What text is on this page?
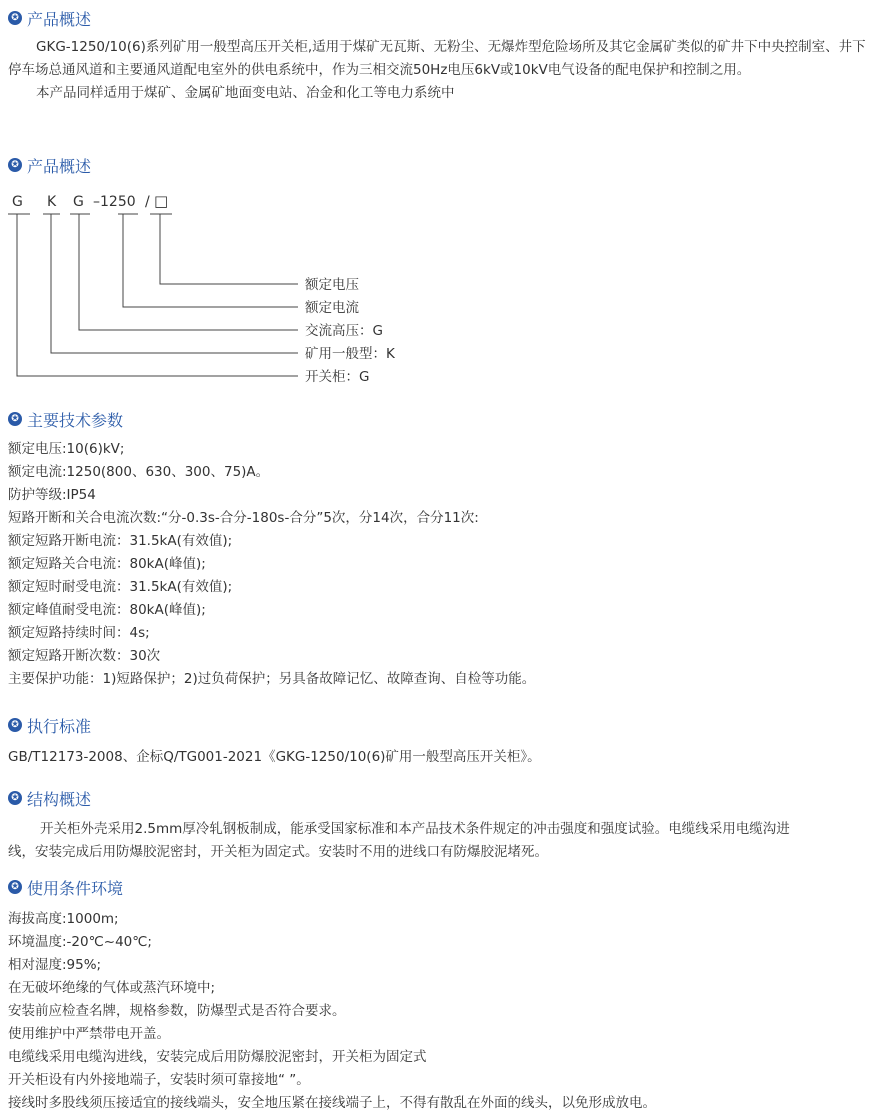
✪ 产品概述
GKG-1250/10(6)系列矿用一般型高压开关柜,适用于煤矿无瓦斯、无粉尘、无爆炸型危险场所及其它金属矿类似的矿井下中央控制室、井下
停车场总通风道和主要通风道配电室外的供电系统中，作为三相交流50Hz电压6kV或10kV电气设备的配电保护和控制之用。
本产品同样适用于煤矿、金属矿地面变电站、冶金和化工等电力系统中
✪ 产品概述
G K G –1250 / □
额定电压
额定电流
交流高压：G
矿用一般型：K
开关柜：G
✪ 主要技术参数
额定电压:10(6)kV;
额定电流:1250(800、630、300、75)A。
防护等级:IP54
短路开断和关合电流次数:“分-0.3s-合分-180s-合分”5次，分14次，合分11次:
额定短路开断电流：31.5kA(有效值);
额定短路关合电流：80kA(峰值);
额定短时耐受电流：31.5kA(有效值);
额定峰值耐受电流：80kA(峰值);
额定短路持续时间：4s;
额定短路开断次数：30次
主要保护功能：1)短路保护；2)过负荷保护；另具备故障记忆、故障查询、自检等功能。
✪ 执行标准
GB/T12173-2008、企标Q/TG001-2021《GKG-1250/10(6)矿用一般型高压开关柜》。
✪ 结构概述
开关柜外壳采用2.5mm厚冷轧钢板制成，能承受国家标准和本产品技术条件规定的冲击强度和强度试验。电缆线采用电缆沟进
线，安装完成后用防爆胶泥密封，开关柜为固定式。安装时不用的进线口有防爆胶泥堵死。
✪ 使用条件环境
海拔高度:1000m;
环境温度:-20℃~40℃;
相对湿度:95%;
在无破坏绝缘的气体或蒸汽环境中;
安装前应检查名牌，规格参数，防爆型式是否符合要求。
使用维护中严禁带电开盖。
电缆线采用电缆沟进线，安装完成后用防爆胶泥密封，开关柜为固定式
开关柜设有内外接地端子，安装时须可靠接地“ ”。
接线时多股线须压接适宜的接线端头，安全地压紧在接线端子上，不得有散乱在外面的线头，以免形成放电。
